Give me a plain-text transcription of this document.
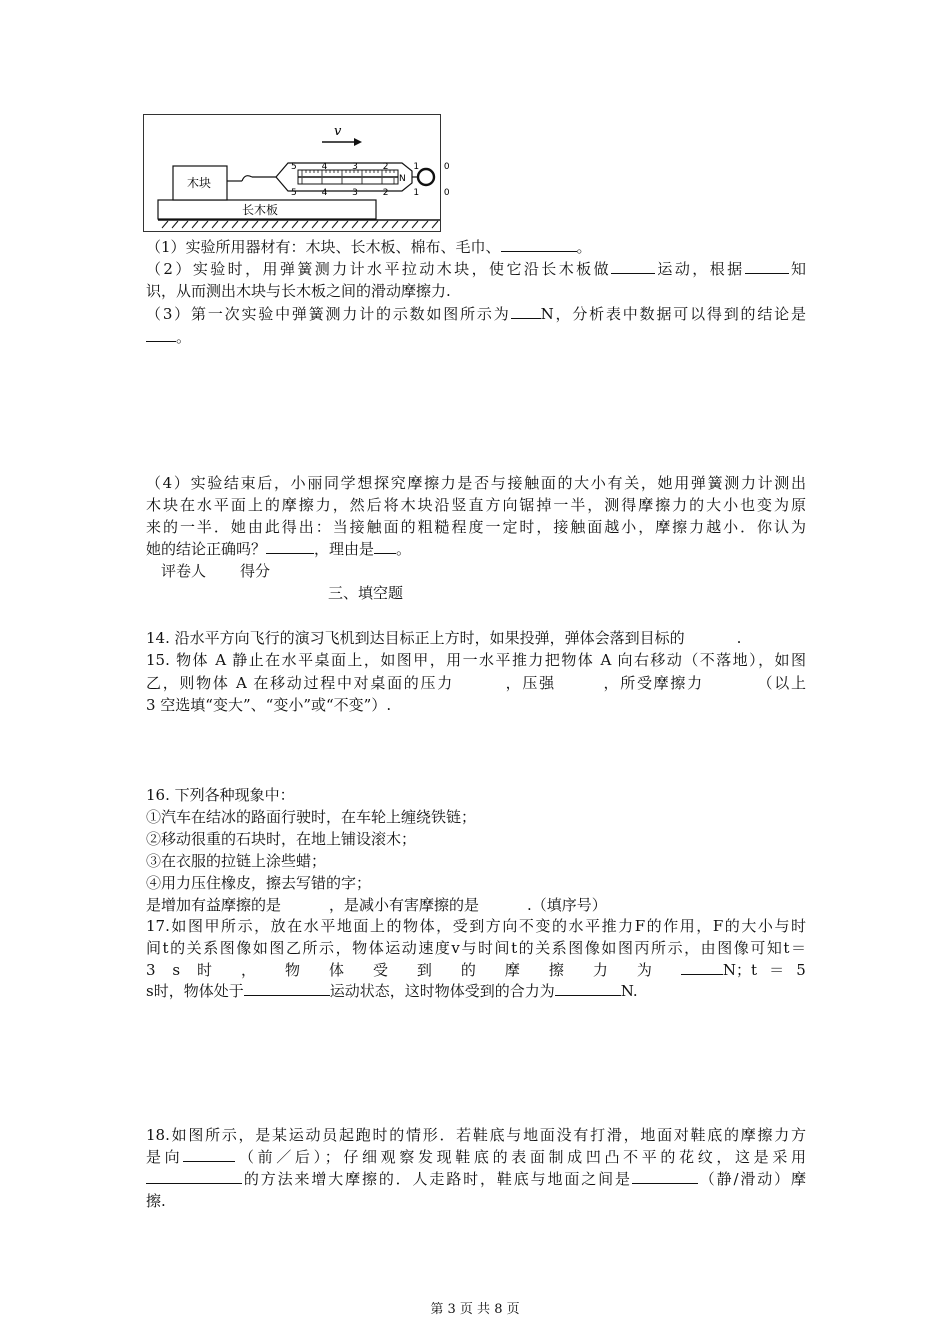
v
长木板
木块
5 4 3 2 1 0
5 4 3 2 1 0
N
（1）实验所用器材有：木块、长木板、棉布、毛巾、	。
（2）实验时，用弹簧测力计水平拉动木块，使它沿长木板做	运动，根据	知
识，从而测出木块与长木板之间的滑动摩擦力.
（3）第一次实验中弹簧测力计的示数如图所示为 N，分析表中数据可以得到的结论是
。
（4）实验结束后，小丽同学想探究摩擦力是否与接触面的大小有关，她用弹簧测力计测出
木块在水平面上的摩擦力，然后将木块沿竖直方向锯掉一半，测得摩擦力的大小也变为原
来的一半．她由此得出：当接触面的粗糙程度一定时，接触面越小，摩擦力越小．你认为
她的结论正确吗？	，理由是 。
评卷人 得分
三、填空题
14. 沿水平方向飞行的演习飞机到达目标正上方时，如果投弹，弹体会落到目标的	.
15. 物体 A 静止在水平桌面上，如图甲，用一水平推力把物体 A 向右移动（不落地），如图
乙，则物体 A 在移动过程中对桌面的压力	，压强	，所受摩擦力	（以上
3 空选填“变大”、“变小”或“不变”）.
16. 下列各种现象中：
①汽车在结冰的路面行驶时，在车轮上缠绕铁链；
②移动很重的石块时，在地上铺设滚木；
③在衣服的拉链上涂些蜡；
④用力压住橡皮，擦去写错的字；
是增加有益摩擦的是	，是减小有害摩擦的是	.（填序号）
17.如图甲所示，放在水平地面上的物体，受到方向不变的水平推力F的作用，F的大小与时
间t的关系图像如图乙所示，物体运动速度v与时间t的关系图像如图丙所示，由图像可知t＝
3 s 时 ， 物 体 受 到 的 摩 擦 力 为	N；t＝5
s时，物体处于	运动状态，这时物体受到的合力为	N.
18.如图所示，是某运动员起跑时的情形．若鞋底与地面没有打滑，地面对鞋底的摩擦力方
是向	（前／后）；仔细观察发现鞋底的表面制成凹凸不平的花纹，这是采用
的方法来增大摩擦的．人走路时，鞋底与地面之间是	（静/滑动）摩
擦.
第 3 页 共 8 页
